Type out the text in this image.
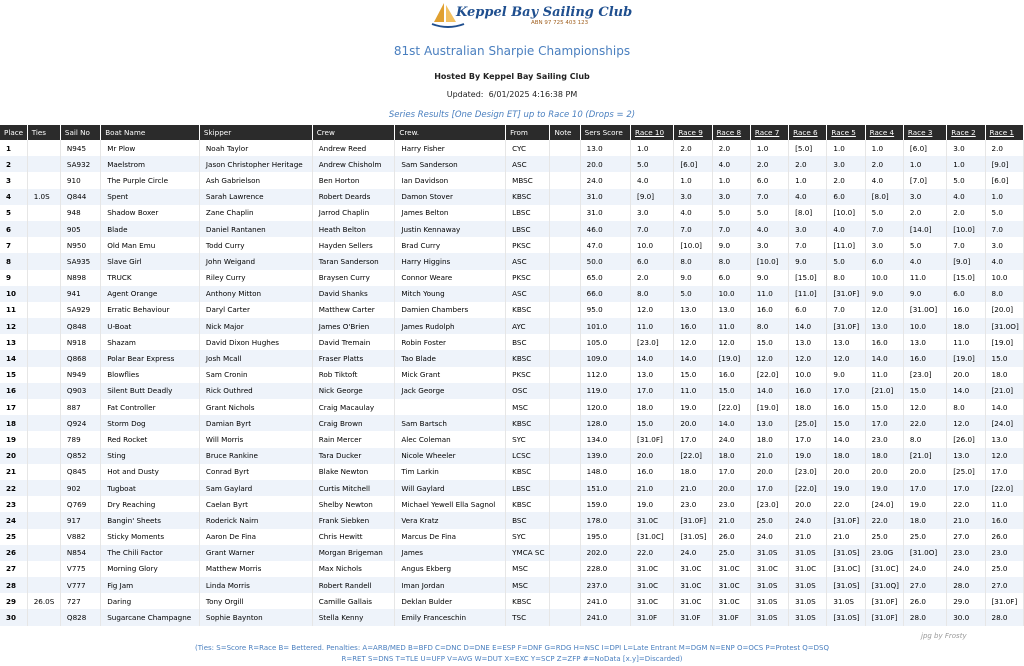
Keppel Bay Sailing Club
ABN 97 725 403 123
81st Australian Sharpie Championships
Hosted By Keppel Bay Sailing Club
Updated: 6/01/2025 4:16:38 PM
Series Results [One Design ET] up to Race 10 (Drops = 2)
Place	Ties	Sail No	Boat Name	Skipper	Crew	Crew.	From	Note	Sers Score	Race 10	Race 9	Race 8	Race 7	Race 6	Race 5	Race 4	Race 3	Race 2	Race 1
1		N945	Mr Plow	Noah Taylor	Andrew Reed	Harry Fisher	CYC		13.0	1.0	2.0	2.0	1.0	[5.0]	1.0	1.0	[6.0]	3.0	2.0
2		SA932	Maelstrom	Jason Christopher Heritage	Andrew Chisholm	Sam Sanderson	ASC		20.0	5.0	[6.0]	4.0	2.0	2.0	3.0	2.0	1.0	1.0	[9.0]
3		910	The Purple Circle	Ash Gabrielson	Ben Horton	Ian Davidson	MBSC		24.0	4.0	1.0	1.0	6.0	1.0	2.0	4.0	[7.0]	5.0	[6.0]
4	1.0S	Q844	Spent	Sarah Lawrence	Robert Deards	Damon Stover	KBSC		31.0	[9.0]	3.0	3.0	7.0	4.0	6.0	[8.0]	3.0	4.0	1.0
5		948	Shadow Boxer	Zane Chaplin	Jarrod Chaplin	James Belton	LBSC		31.0	3.0	4.0	5.0	5.0	[8.0]	[10.0]	5.0	2.0	2.0	5.0
6		905	Blade	Daniel Rantanen	Heath Belton	Justin Kennaway	LBSC		46.0	7.0	7.0	7.0	4.0	3.0	4.0	7.0	[14.0]	[10.0]	7.0
7		N950	Old Man Emu	Todd Curry	Hayden Sellers	Brad Curry	PKSC		47.0	10.0	[10.0]	9.0	3.0	7.0	[11.0]	3.0	5.0	7.0	3.0
8		SA935	Slave Girl	John Weigand	Taran Sanderson	Harry Higgins	ASC		50.0	6.0	8.0	8.0	[10.0]	9.0	5.0	6.0	4.0	[9.0]	4.0
9		N898	TRUCK	Riley Curry	Braysen Curry	Connor Weare	PKSC		65.0	2.0	9.0	6.0	9.0	[15.0]	8.0	10.0	11.0	[15.0]	10.0
10		941	Agent Orange	Anthony Mitton	David Shanks	Mitch Young	ASC		66.0	8.0	5.0	10.0	11.0	[11.0]	[31.0F]	9.0	9.0	6.0	8.0
11		SA929	Erratic Behaviour	Daryl Carter	Matthew Carter	Damien Chambers	KBSC		95.0	12.0	13.0	13.0	16.0	6.0	7.0	12.0	[31.0O]	16.0	[20.0]
12		Q848	U-Boat	Nick Major	James O'Brien	James Rudolph	AYC		101.0	11.0	16.0	11.0	8.0	14.0	[31.0F]	13.0	10.0	18.0	[31.0O]
13		N918	Shazam	David Dixon Hughes	David Tremain	Robin Foster	BSC		105.0	[23.0]	12.0	12.0	15.0	13.0	13.0	16.0	13.0	11.0	[19.0]
14		Q868	Polar Bear Express	Josh Mcall	Fraser Platts	Tao Blade	KBSC		109.0	14.0	14.0	[19.0]	12.0	12.0	12.0	14.0	16.0	[19.0]	15.0
15		N949	Blowflies	Sam Cronin	Rob Tiktoft	Mick Grant	PKSC		112.0	13.0	15.0	16.0	[22.0]	10.0	9.0	11.0	[23.0]	20.0	18.0
16		Q903	Silent Butt Deadly	Rick Outhred	Nick George	Jack George	OSC		119.0	17.0	11.0	15.0	14.0	16.0	17.0	[21.0]	15.0	14.0	[21.0]
17		887	Fat Controller	Grant Nichols	Craig Macaulay		MSC		120.0	18.0	19.0	[22.0]	[19.0]	18.0	16.0	15.0	12.0	8.0	14.0
18		Q924	Storm Dog	Damian Byrt	Craig Brown	Sam Bartsch	KBSC		128.0	15.0	20.0	14.0	13.0	[25.0]	15.0	17.0	22.0	12.0	[24.0]
19		789	Red Rocket	Will Morris	Rain Mercer	Alec Coleman	SYC		134.0	[31.0F]	17.0	24.0	18.0	17.0	14.0	23.0	8.0	[26.0]	13.0
20		Q852	Sting	Bruce Rankine	Tara Ducker	Nicole Wheeler	LCSC		139.0	20.0	[22.0]	18.0	21.0	19.0	18.0	18.0	[21.0]	13.0	12.0
21		Q845	Hot and Dusty	Conrad Byrt	Blake Newton	Tim Larkin	KBSC		148.0	16.0	18.0	17.0	20.0	[23.0]	20.0	20.0	20.0	[25.0]	17.0
22		902	Tugboat	Sam Gaylard	Curtis Mitchell	Will Gaylard	LBSC		151.0	21.0	21.0	20.0	17.0	[22.0]	19.0	19.0	17.0	17.0	[22.0]
23		Q769	Dry Reaching	Caelan Byrt	Shelby Newton	Michael Yewell Ella Sagnol	KBSC		159.0	19.0	23.0	23.0	[23.0]	20.0	22.0	[24.0]	19.0	22.0	11.0
24		917	Bangin' Sheets	Roderick Nairn	Frank Siebken	Vera Kratz	BSC		178.0	31.0C	[31.0F]	21.0	25.0	24.0	[31.0F]	22.0	18.0	21.0	16.0
25		V882	Sticky Moments	Aaron De Fina	Chris Hewitt	Marcus De Fina	SYC		195.0	[31.0C]	[31.0S]	26.0	24.0	21.0	21.0	25.0	25.0	27.0	26.0
26		N854	The Chili Factor	Grant Warner	Morgan Brigeman	James	YMCA SC		202.0	22.0	24.0	25.0	31.0S	31.0S	[31.0S]	23.0G	[31.0O]	23.0	23.0
27		V775	Morning Glory	Matthew Morris	Max Nichols	Angus Ekberg	MSC		228.0	31.0C	31.0C	31.0C	31.0C	31.0C	[31.0C]	[31.0C]	24.0	24.0	25.0
28		V777	Fig Jam	Linda Morris	Robert Randell	Iman Jordan	MSC		237.0	31.0C	31.0C	31.0C	31.0S	31.0S	[31.0S]	[31.0Q]	27.0	28.0	27.0
29	26.0S	727	Daring	Tony Orgill	Camille Gallais	Deklan Bulder	KBSC		241.0	31.0C	31.0C	31.0C	31.0S	31.0S	31.0S	[31.0F]	26.0	29.0	[31.0F]
30		Q828	Sugarcane Champagne	Sophie Baynton	Stella Kenny	Emily Franceschin	TSC		241.0	31.0F	31.0F	31.0F	31.0S	31.0S	[31.0S]	[31.0F]	28.0	30.0	28.0
(Ties: S=Score R=Race B= Bettered. Penalties: A=ARB/MED B=BFD C=DNC D=DNE E=ESP F=DNF G=RDG H=NSC I=DPI L=Late Entrant M=DGM N=ENP O=OCS P=Protest Q=DSQ
R=RET S=DNS T=TLE U=UFP V=AVG W=DUT X=EXC Y=SCP Z=ZFP #=NoData [x.y]=Discarded)
jpg by Frosty
